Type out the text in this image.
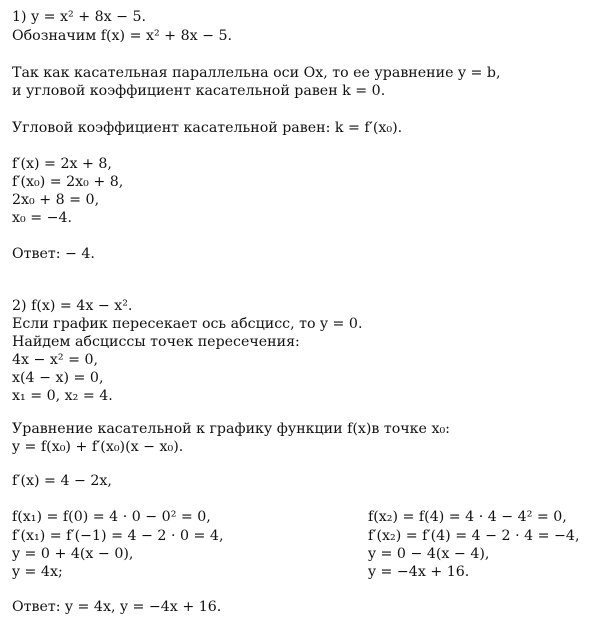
1) y = x² + 8x − 5.
Обозначим f(x) = x² + 8x − 5.
Так как касательная параллельна оси Ox, то ее уравнение y = b,
и угловой коэффициент касательной равен k = 0.
Угловой коэффициент касательной равен: k = f′(x₀).
f′(x) = 2x + 8,
f′(x₀) = 2x₀ + 8,
2x₀ + 8 = 0,
x₀ = −4.
Ответ: − 4.
2) f(x) = 4x − x².
Если график пересекает ось абсцисс, то y = 0.
Найдем абсциссы точек пересечения:
4x − x² = 0,
x(4 − x) = 0,
x₁ = 0, x₂ = 4.
Уравнение касательной к графику функции f(x)в точке x₀:
y = f(x₀) + f′(x₀)(x − x₀).
f′(x) = 4 − 2x,
f(x₁) = f(0) = 4 · 0 − 0² = 0,
f′(x₁) = f′(−1) = 4 − 2 · 0 = 4,
y = 0 + 4(x − 0),
y = 4x;
f(x₂) = f(4) = 4 · 4 − 4² = 0,
f′(x₂) = f′(4) = 4 − 2 · 4 = −4,
y = 0 − 4(x − 4),
y = −4x + 16.
Ответ: y = 4x, y = −4x + 16.
